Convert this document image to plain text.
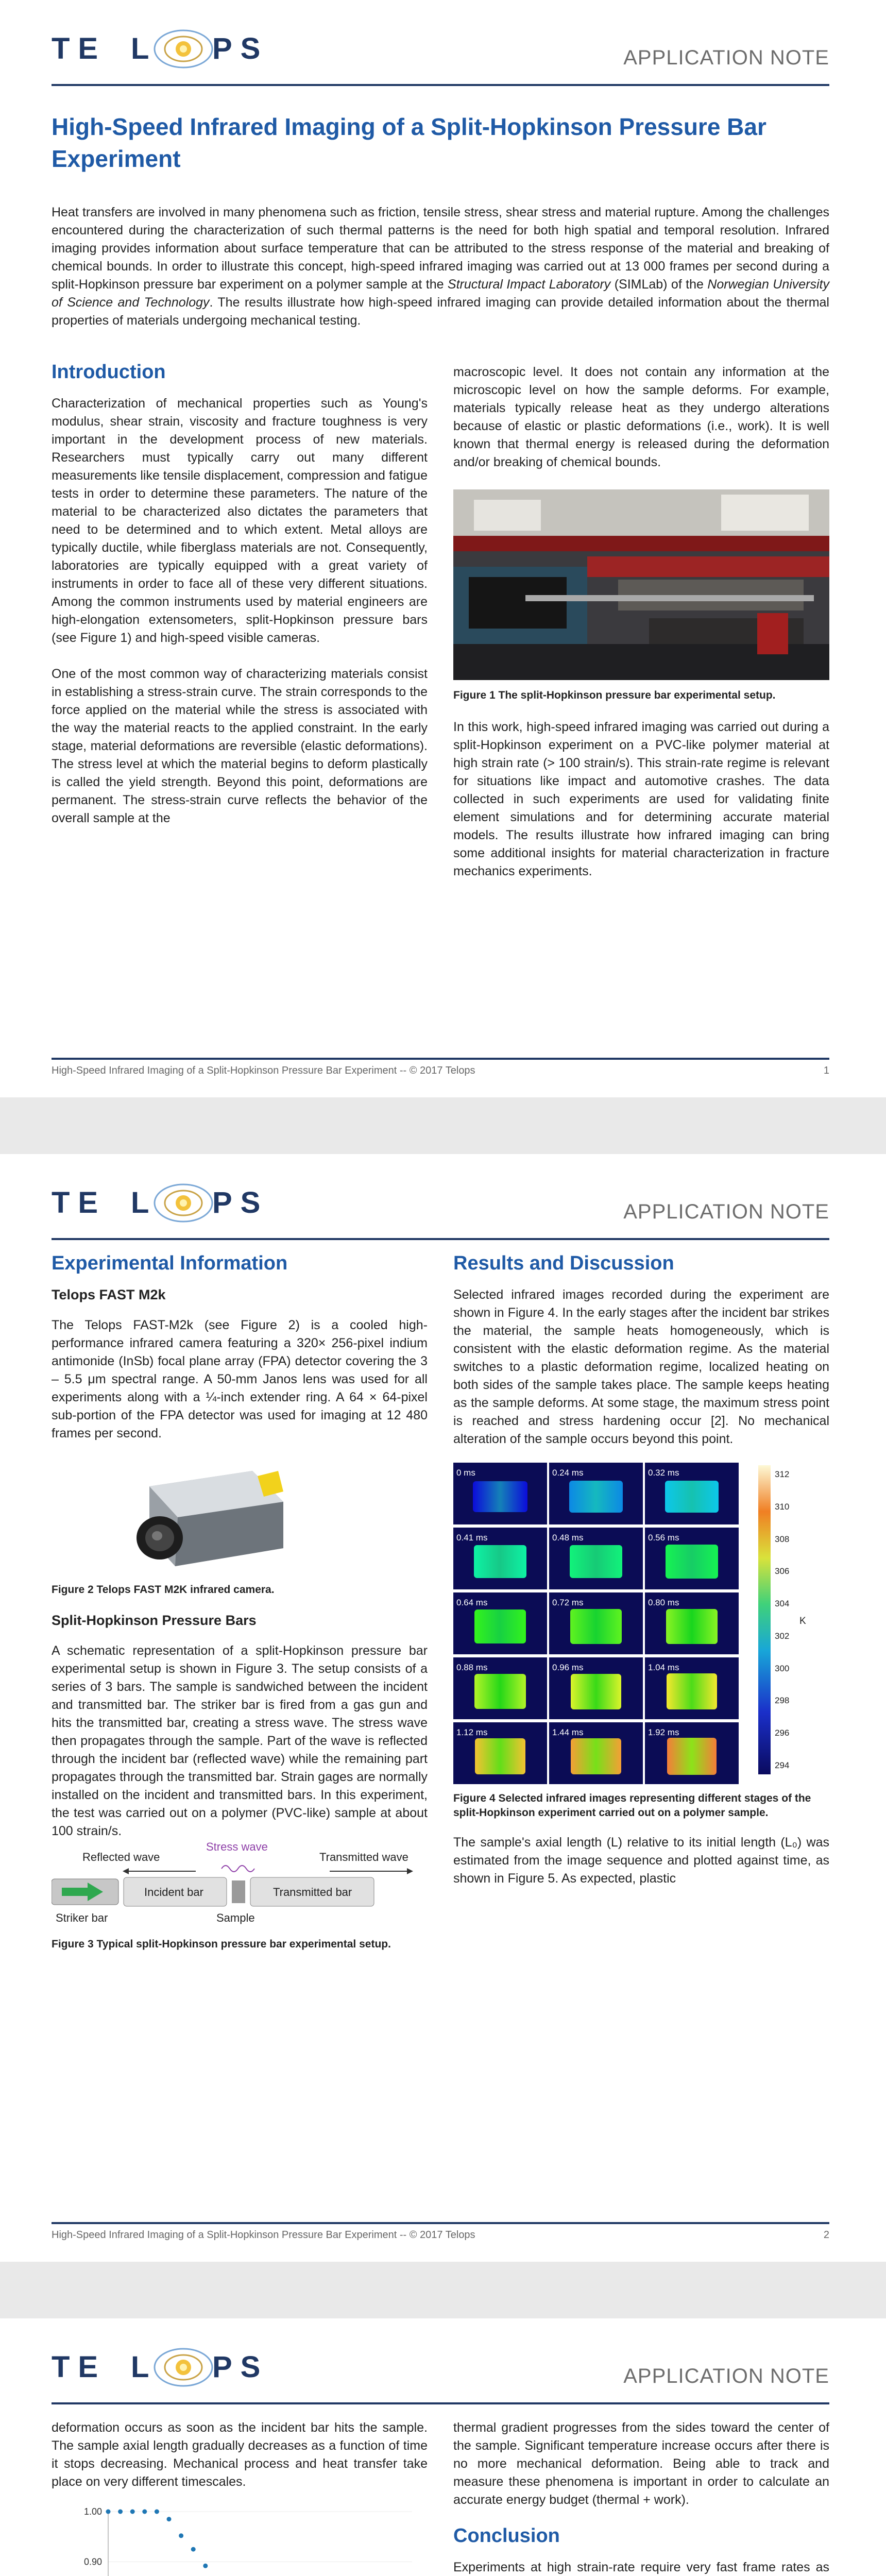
APPLICATION NOTE
High-Speed Infrared Imaging of a Split-Hopkinson Pressure Bar Experiment
Heat transfers are involved in many phenomena such as friction, tensile stress, shear stress and material rupture. Among the challenges encountered during the characterization of such thermal patterns is the need for both high spatial and temporal resolution. Infrared imaging provides information about surface temperature that can be attributed to the stress response of the material and breaking of chemical bounds. In order to illustrate this concept, high-speed infrared imaging was carried out at 13 000 frames per second during a split-Hopkinson pressure bar experiment on a polymer sample at the Structural Impact Laboratory (SIMLab) of the Norwegian University of Science and Technology. The results illustrate how high-speed infrared imaging can provide detailed information about the thermal properties of materials undergoing mechanical testing.
Introduction

Characterization of mechanical properties such as Young's modulus, shear strain, viscosity and fracture toughness is very important in the development process of new materials. Researchers must typically carry out many different measurements like tensile displacement, compression and fatigue tests in order to determine these parameters. The nature of the material to be characterized also dictates the parameters that need to be determined and to which extent. Metal alloys are typically ductile, while fiberglass materials are not. Consequently, laboratories are typically equipped with a great variety of instruments in order to face all of these very different situations. Among the common instruments used by material engineers are high-elongation extensometers, split-Hopkinson pressure bars (see Figure 1) and high-speed visible cameras.

One of the most common way of characterizing materials consist in establishing a stress-strain curve. The strain corresponds to the force applied on the material while the stress is associated with the way the material reacts to the applied constraint. In the early stage, material deformations are reversible (elastic deformations). The stress level at which the material begins to deform plastically is called the yield strength. Beyond this point, deformations are permanent. The stress-strain curve reflects the behavior of the overall sample at the

macroscopic level. It does not contain any information at the microscopic level on how the sample deforms. For example, materials typically release heat as they undergo alterations because of elastic or plastic deformations (i.e., work). It is well known that thermal energy is released during the deformation and/or breaking of chemical bounds.

Figure 1 The split-Hopkinson pressure bar experimental setup.

In this work, high-speed infrared imaging was carried out during a split-Hopkinson experiment on a PVC-like polymer material at high strain rate (> 100 strain/s). This strain-rate regime is relevant for situations like impact and automotive crashes. The data collected in such experiments are used for validating finite element simulations and for determining accurate material models. The results illustrate how infrared imaging can bring some additional insights for material characterization in fracture mechanics experiments.

High-Speed Infrared Imaging of a Split-Hopkinson Pressure Bar Experiment -- © 2017 Telops	1
APPLICATION NOTE
Experimental Information
Telops FAST M2k

The Telops FAST-M2k (see Figure 2) is a cooled high-performance infrared camera featuring a 320× 256-pixel indium antimonide (InSb) focal plane array (FPA) detector covering the 3 – 5.5 μm spectral range. A 50-mm Janos lens was used for all experiments along with a ¼-inch extender ring. A 64 × 64-pixel sub-portion of the FPA detector was used for imaging at 12 480 frames per second.

Figure 2 Telops FAST M2K infrared camera.
Split-Hopkinson Pressure Bars

A schematic representation of a split-Hopkinson pressure bar experimental setup is shown in Figure 3. The setup consists of a series of 3 bars. The sample is sandwiched between the incident and transmitted bar. The striker bar is fired from a gas gun and hits the transmitted bar, creating a stress wave. The stress wave then propagates through the sample. Part of the wave is reflected through the incident bar (reflected wave) while the remaining part propagates through the transmitted bar. Strain gages are normally installed on the incident and transmitted bars. In this experiment, the test was carried out on a polymer (PVC-like) sample at about 100 strain/s.

Reflected wave
Stress wave
Transmitted wave
Incident bar	Transmitted bar
Striker bar	Sample
Figure 3 Typical split-Hopkinson pressure bar experimental setup.
Results and Discussion

Selected infrared images recorded during the experiment are shown in Figure 4. In the early stages after the incident bar strikes the material, the sample heats homogeneously, which is consistent with the elastic deformation regime. As the material switches to a plastic deformation regime, localized heating on both sides of the sample takes place. The sample keeps heating as the sample deforms. At some stage, the maximum stress point is reached and stress hardening occur [2]. No mechanical alteration of the sample occurs beyond this point.

0 ms	0.24 ms	0.32 ms
0.41 ms	0.48 ms	0.56 ms
0.64 ms	0.72 ms	0.80 ms
0.88 ms	0.96 ms	1.04 ms
1.12 ms	1.44 ms	1.92 ms
312
310
308
306
304
302
300
298
296
294
K
Figure 4 Selected infrared images representing different stages of the split-Hopkinson experiment carried out on a polymer sample.

The sample's axial length (L) relative to its initial length (L₀) was estimated from the image sequence and plotted against time, as shown in Figure 5. As expected, plastic

High-Speed Infrared Imaging of a Split-Hopkinson Pressure Bar Experiment -- © 2017 Telops	2
APPLICATION NOTE

deformation occurs as soon as the incident bar hits the sample. The sample axial length gradually decreases as a function of time it stops decreasing. Mechanical process and heat transfer take place on very different timescales.

0.90
1.00

thermal gradient progresses from the sides toward the center of the sample. Significant temperature increase occurs after there is no more mechanical deformation. Being able to track and measure these phenomena is important in order to calculate an accurate energy budget (thermal + work).

Conclusion

Experiments at high strain-rate require very fast frame rates as
